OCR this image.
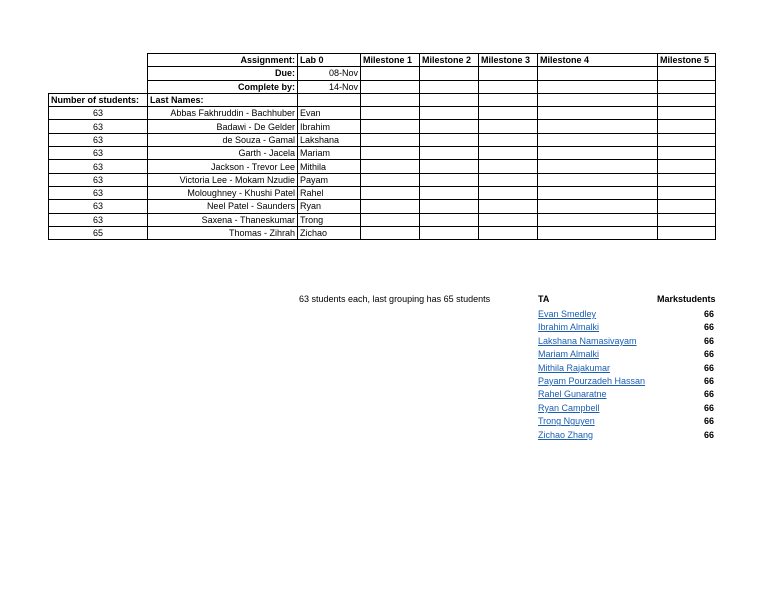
	Assignment:	Lab 0	Milestone 1	Milestone 2	Milestone 3	Milestone 4	Milestone 5
	Due:	08-Nov					
	Complete by:	14-Nov					
Number of students:	Last Names:						
63	Abbas Fakhruddin - Bachhuber	Evan					
63	Badawi - De Gelder	Ibrahim					
63	de Souza - Gamal	Lakshana					
63	Garth - Jacela	Mariam					
63	Jackson - Trevor Lee	Mithila					
63	Victoria Lee - Mokam Nzudie	Payam					
63	Moloughney - Khushi Patel	Rahel					
63	Neel Patel - Saunders	Ryan					
63	Saxena - Thaneskumar	Trong					
65	Thomas - Zihrah	Zichao					
63 students each, last grouping has 65 students	TA	Markstudents
Evan Smedley	66
Ibrahim Almalki	66
Lakshana Namasivayam	66
Mariam Almalki	66
Mithila Rajakumar	66
Payam Pourzadeh Hassan	66
Rahel Gunaratne	66
Ryan Campbell	66
Trong Nguyen	66
Zichao Zhang	66
